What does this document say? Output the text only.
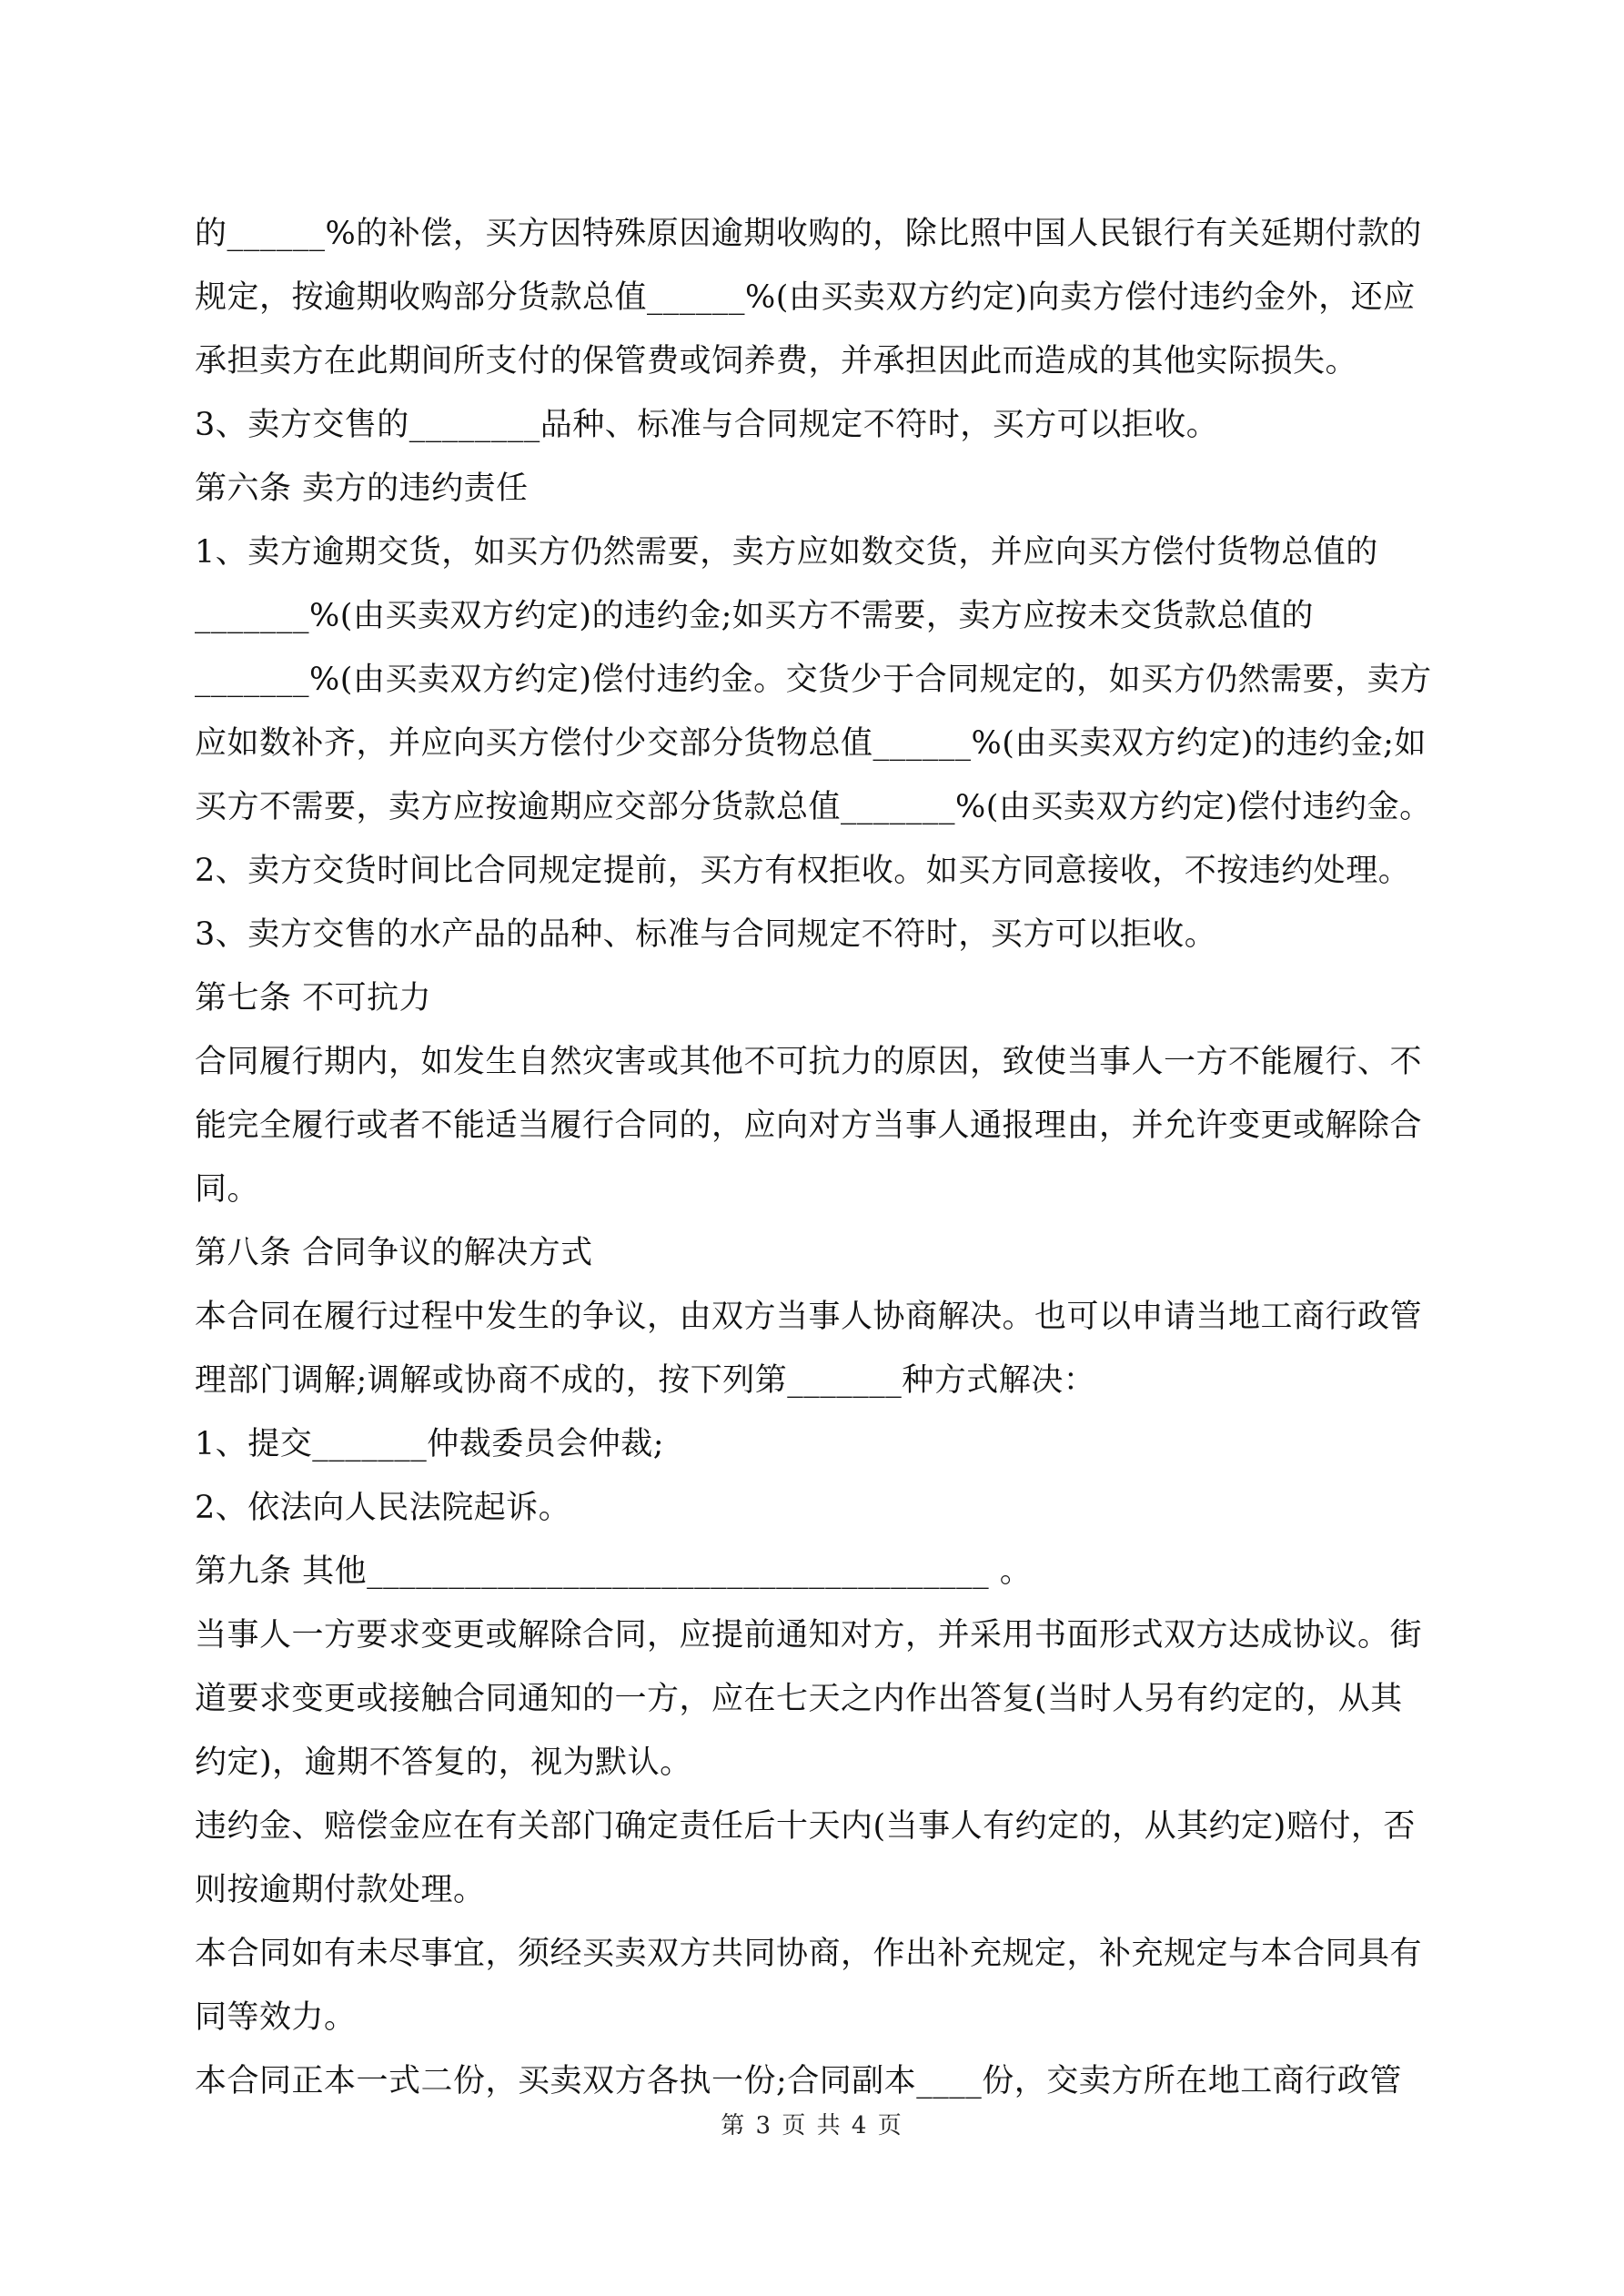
的______%的补偿，买方因特殊原因逾期收购的，除比照中国人民银行有关延期付款的
规定，按逾期收购部分货款总值______%(由买卖双方约定)向卖方偿付违约金外，还应
承担卖方在此期间所支付的保管费或饲养费，并承担因此而造成的其他实际损失。
3、卖方交售的________品种、标准与合同规定不符时，买方可以拒收。
第六条 卖方的违约责任
1、卖方逾期交货，如买方仍然需要，卖方应如数交货，并应向买方偿付货物总值的
_______%(由买卖双方约定)的违约金;如买方不需要，卖方应按未交货款总值的
_______%(由买卖双方约定)偿付违约金。交货少于合同规定的，如买方仍然需要，卖方
应如数补齐，并应向买方偿付少交部分货物总值______%(由买卖双方约定)的违约金;如
买方不需要，卖方应按逾期应交部分货款总值_______%(由买卖双方约定)偿付违约金。
2、卖方交货时间比合同规定提前，买方有权拒收。如买方同意接收，不按违约处理。
3、卖方交售的水产品的品种、标准与合同规定不符时，买方可以拒收。
第七条 不可抗力
合同履行期内，如发生自然灾害或其他不可抗力的原因，致使当事人一方不能履行、不
能完全履行或者不能适当履行合同的，应向对方当事人通报理由，并允许变更或解除合
同。
第八条 合同争议的解决方式
本合同在履行过程中发生的争议，由双方当事人协商解决。也可以申请当地工商行政管
理部门调解;调解或协商不成的，按下列第_______种方式解决：
1、提交_______仲裁委员会仲裁;
2、依法向人民法院起诉。
第九条 其他______________________________________ 。
当事人一方要求变更或解除合同，应提前通知对方，并采用书面形式双方达成协议。街
道要求变更或接触合同通知的一方，应在七天之内作出答复(当时人另有约定的，从其
约定)，逾期不答复的，视为默认。
违约金、赔偿金应在有关部门确定责任后十天内(当事人有约定的，从其约定)赔付，否
则按逾期付款处理。
本合同如有未尽事宜，须经买卖双方共同协商，作出补充规定，补充规定与本合同具有
同等效力。
本合同正本一式二份，买卖双方各执一份;合同副本____份，交卖方所在地工商行政管
第 3 页 共 4 页
